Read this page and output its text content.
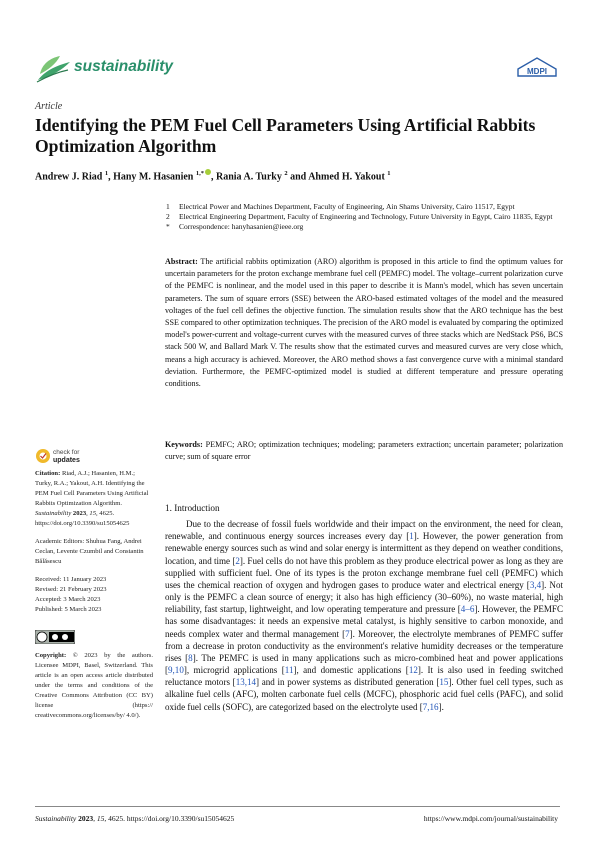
sustainability	MDPI
Article
Identifying the PEM Fuel Cell Parameters Using Artificial Rabbits Optimization Algorithm
Andrew J. Riad $^1$, Hany M. Hasanien $^{1,*}$ , Rania A. Turky $^2$ and Ahmed H. Yakout $^1$
1 Electrical Power and Machines Department, Faculty of Engineering, Ain Shams University, Cairo 11517, Egypt
2 Electrical Engineering Department, Faculty of Engineering and Technology, Future University in Egypt, Cairo 11835, Egypt
* Correspondence: hanyhasanien@ieee.org
Abstract: The artificial rabbits optimization (ARO) algorithm is proposed in this article to find the optimum values for uncertain parameters for the proton exchange membrane fuel cell (PEMFC) model. The voltage–current polarization curve of the PEMFC is nonlinear, and the model used in this paper to describe it is Mann's model, which has seven uncertain parameters. The sum of square errors (SSE) between the ARO-based estimated voltages of the model and the measured voltages of the fuel cell defines the objective function. The simulation results show that the ARO technique has the best SSE compared to other optimization techniques. The precision of the ARO model is evaluated by comparing the optimized model's power-current and voltage-current curves with the measured curves of three stacks which are NedStack PS6, BCS stack 500 W, and Ballard Mark V. The results show that the estimated curves and measured curves are very close which, means a high accuracy is achieved. Moreover, the ARO method shows a fast convergence curve with a minimal standard deviation. Furthermore, the PEMFC-optimized model is studied at different temperature and pressure operating conditions.
Keywords: PEMFC; ARO; optimization techniques; modeling; parameters extraction; uncertain parameter; polarization curve; sum of square error
check for
updates
Citation: Riad, A.J.; Hasanien, H.M.; Turky, R.A.; Yakout, A.H. Identifying the PEM Fuel Cell Parameters Using Artificial Rabbits Optimization Algorithm. Sustainability 2023, 15, 4625. https://doi.org/10.3390/su15054625
Academic Editors: Shuhua Fang, Andrei Ceclan, Levente Czumbil and Constantin Bălăsescu

Received: 11 January 2023

Revised: 21 February 2023

Accepted: 3 March 2023

Published: 5 March 2023

Copyright: © 2023 by the authors. Licensee MDPI, Basel, Switzerland. This article is an open access article distributed under the terms and conditions of the Creative Commons Attribution (CC BY) license (https:// creativecommons.org/licenses/by/ 4.0/).
1. Introduction
Due to the decrease of fossil fuels worldwide and their impact on the environment, the need for clean, renewable, and continuous energy sources increases every day [1]. However, the power generation from renewable energy sources such as wind and solar energy is intermittent as they depend on weather conditions, location, and time [2]. Fuel cells do not have this problem as they produce electrical power as long as they are supplied with sufficient fuel. One of its types is the proton exchange membrane fuel cell (PEMFC) which uses the chemical reaction of oxygen and hydrogen gases to produce water and electrical energy [3,4]. Not only is the PEMFC a clean source of energy; it also has high efficiency (30–60%), no waste material, high reliability, fast startup, lightweight, and low operating temperature and pressure [4–6]. However, the PEMFC has some disadvantages: it needs an expensive metal catalyst, is highly sensitive to carbon monoxide, and needs complex water and thermal management [7]. Moreover, the electrolyte membranes of PEMFC suffer from a decrease in proton conductivity as the environment's relative humidity decreases or the temperature rises [8]. The PEMFC is used in many applications such as micro-combined heat and power applications [9,10], microgrid applications [11], and domestic applications [12]. It is also used in feeding switched reluctance motors [13,14] and in power systems as distributed generation [15]. Other fuel cell types, such as alkaline fuel cells (AFC), molten carbonate fuel cells (MCFC), phosphoric acid fuel cells (PAFC), and solid oxide fuel cells (SOFC), are categorized based on the electrolyte used [7,16].
Sustainability 2023, 15, 4625. https://doi.org/10.3390/su15054625	https://www.mdpi.com/journal/sustainability
